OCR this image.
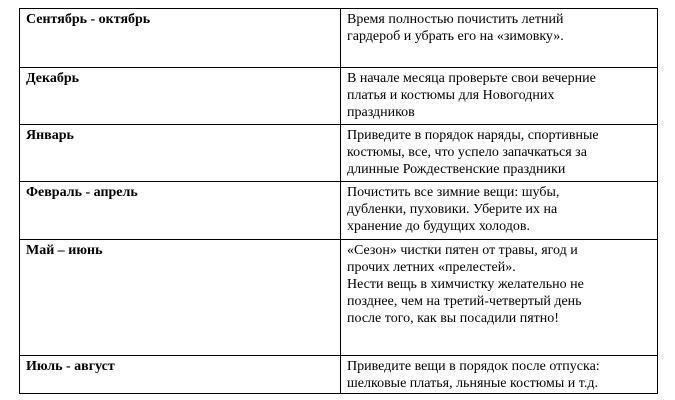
Сентябрь - октябрь	Время полностью почистить летний
гардероб и убрать его на «зимовку».

Декабрь	В начале месяца проверьте свои вечерние
платья и костюмы для Новогодних
праздников

Январь	Приведите в порядок наряды, спортивные
костюмы, все, что успело запачкаться за
длинные Рождественские праздники

Февраль - апрель	Почистить все зимние вещи: шубы,
дубленки, пуховики. Уберите их на
хранение до будущих холодов.

Май – июнь	«Сезон» чистки пятен от травы, ягод и
прочих летних «прелестей».
Нести вещь в химчистку желательно не
позднее, чем на третий-четвертый день
после того, как вы посадили пятно!

Июль - август	Приведите вещи в порядок после отпуска:
шелковые платья, льняные костюмы и т.д.
